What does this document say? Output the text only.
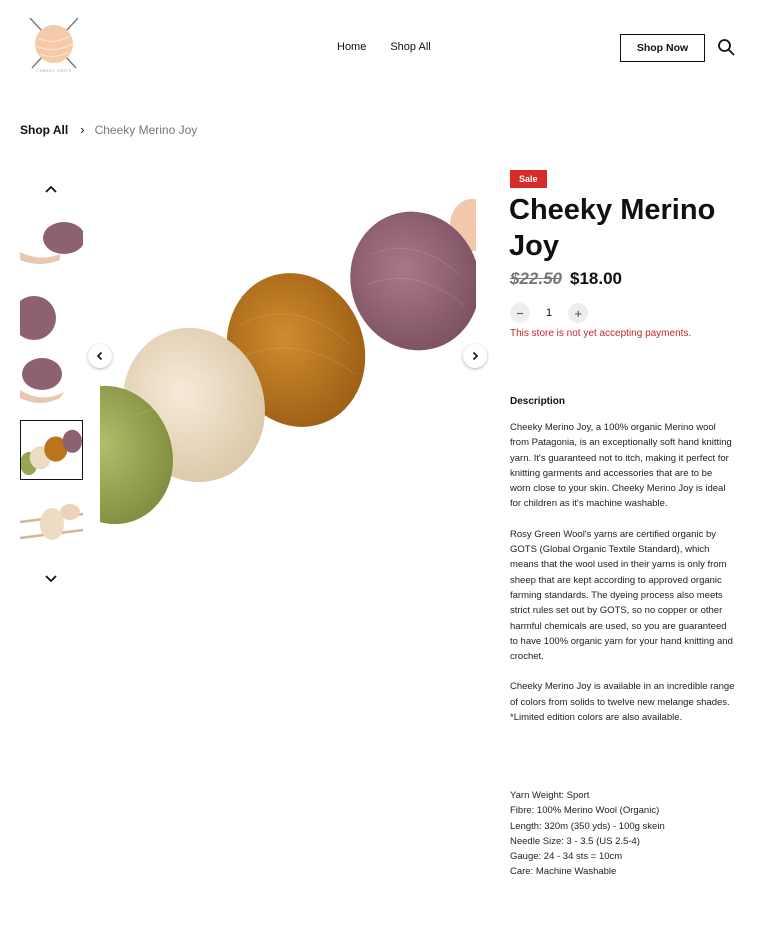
CHEEKY KNITS
Home Shop All	Shop Now
Shop All › Cheeky Merino Joy
Sale
Cheeky Merino Joy
$22.50 $18.00
−	1	+
This store is not yet accepting payments.
Description

Cheeky Merino Joy, a 100% organic Merino wool from Patagonia, is an exceptionally soft hand knitting yarn. It's guaranteed not to itch, making it perfect for knitting garments and accessories that are to be worn close to your skin. Cheeky Merino Joy is ideal for children as it's machine washable.

Rosy Green Wool's yarns are certified organic by GOTS (Global Organic Textile Standard), which means that the wool used in their yarns is only from sheep that are kept according to approved organic farming standards. The dyeing process also meets strict rules set out by GOTS, so no copper or other harmful chemicals are used, so you are guaranteed to have 100% organic yarn for your hand knitting and crochet.

Cheeky Merino Joy is available in an incredible range of colors from solids to twelve new melange shades. *Limited edition colors are also available.

Yarn Weight: Sport
Fibre: 100% Merino Wool (Organic)
Length: 320m (350 yds) - 100g skein
Needle Size: 3 - 3.5 (US 2.5-4)
Gauge: 24 - 34 sts = 10cm
Care: Machine Washable
